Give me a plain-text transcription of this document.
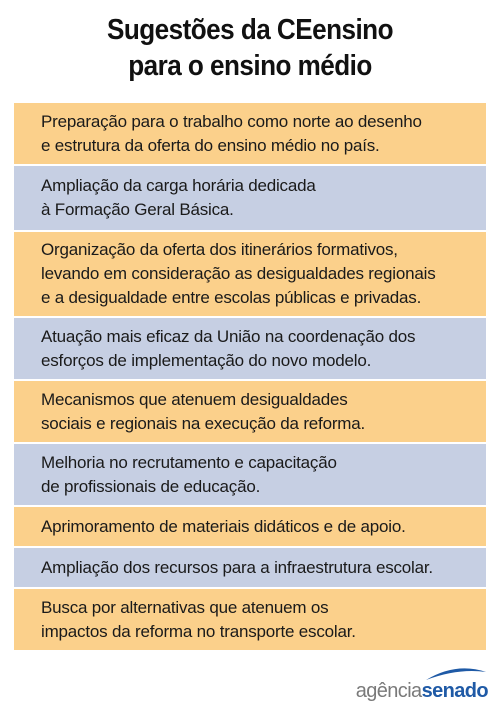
Sugestões da CEensino
para o ensino médio
Preparação para o trabalho como norte ao desenho
e estrutura da oferta do ensino médio no país.
Ampliação da carga horária dedicada
à Formação Geral Básica.
Organização da oferta dos itinerários formativos,
levando em consideração as desigualdades regionais
e a desigualdade entre escolas públicas e privadas.
Atuação mais eficaz da União na coordenação dos
esforços de implementação do novo modelo.
Mecanismos que atenuem desigualdades
sociais e regionais na execução da reforma.
Melhoria no recrutamento e capacitação
de profissionais de educação.
Aprimoramento de materiais didáticos e de apoio.
Ampliação dos recursos para a infraestrutura escolar.
Busca por alternativas que atenuem os
impactos da reforma no transporte escolar.
agência senado
